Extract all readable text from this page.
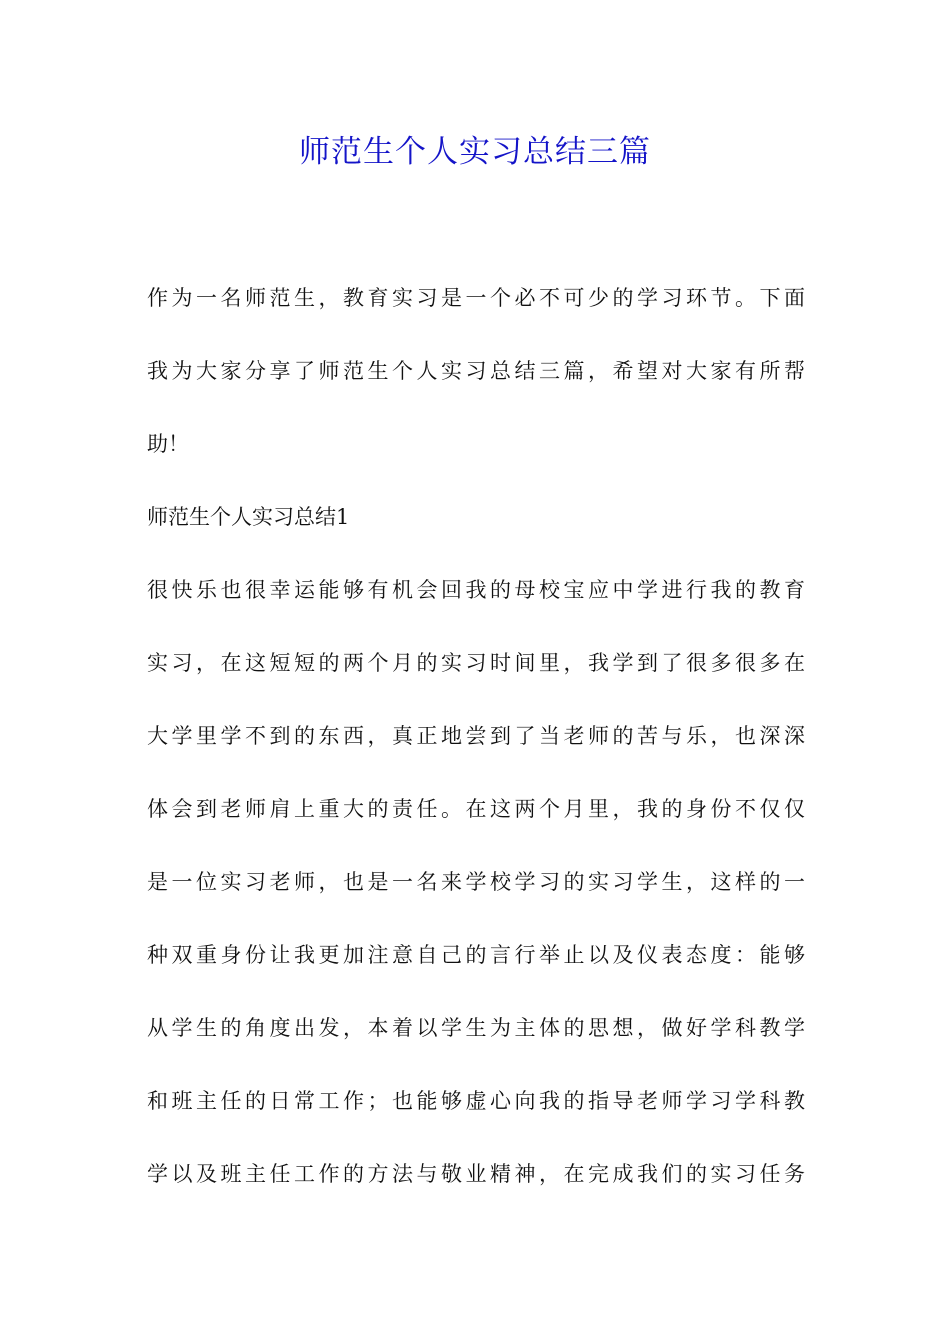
师范生个人实习总结三篇
作为一名师范生，教育实习是一个必不可少的学习环节。下面
我为大家分享了师范生个人实习总结三篇，希望对大家有所帮
助！
师范生个人实习总结1
很快乐也很幸运能够有机会回我的母校宝应中学进行我的教育
实习，在这短短的两个月的实习时间里，我学到了很多很多在
大学里学不到的东西，真正地尝到了当老师的苦与乐，也深深
体会到老师肩上重大的责任。在这两个月里，我的身份不仅仅
是一位实习老师，也是一名来学校学习的实习学生，这样的一
种双重身份让我更加注意自己的言行举止以及仪表态度：能够
从学生的角度出发，本着以学生为主体的思想，做好学科教学
和班主任的日常工作；也能够虚心向我的指导老师学习学科教
学以及班主任工作的方法与敬业精神，在完成我们的实习任务
